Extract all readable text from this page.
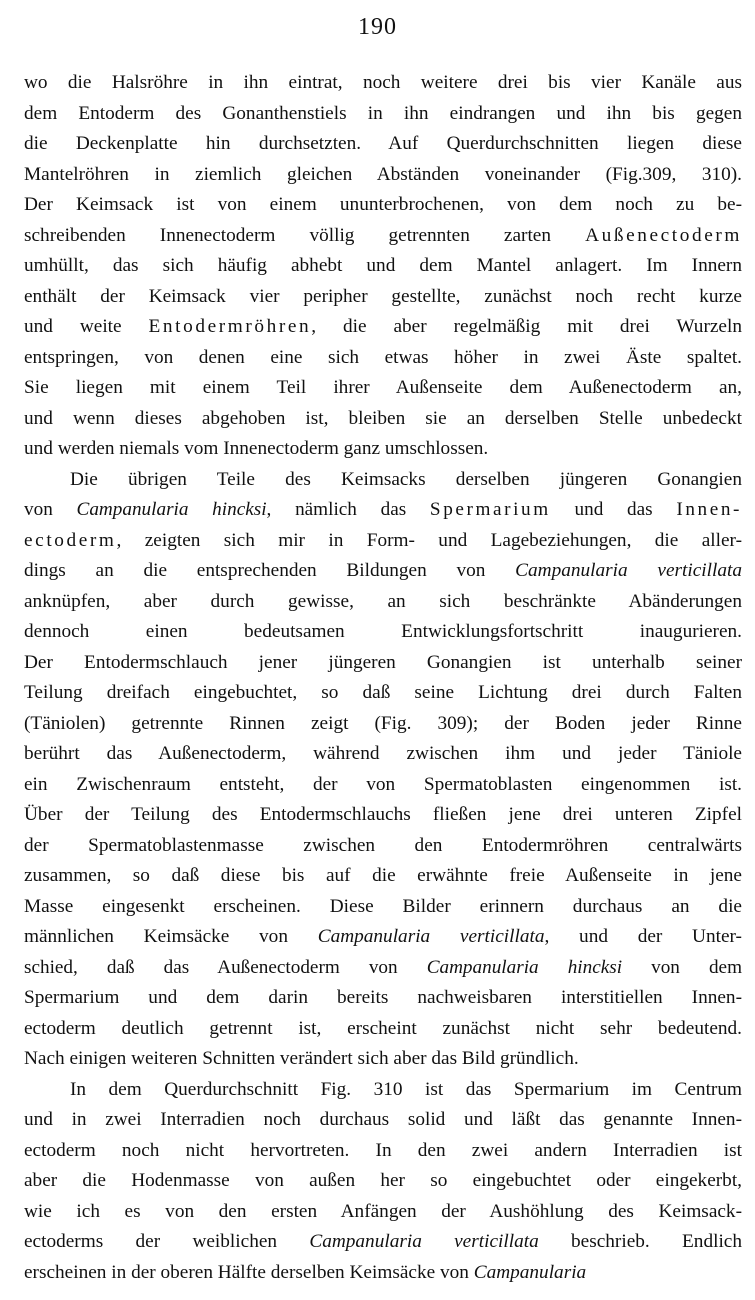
190
wo die Halsröhre in ihn eintrat, noch weitere drei bis vier Kanäle aus
dem Entoderm des Gonanthenstiels in ihn eindrangen und ihn bis gegen
die Deckenplatte hin durchsetzten. Auf Querdurchschnitten liegen diese
Mantelröhren in ziemlich gleichen Abständen voneinander (Fig.309, 310).
Der Keimsack ist von einem ununterbrochenen, von dem noch zu be-
schreibenden Innenectoderm völlig getrennten zarten Außenectoderm
umhüllt, das sich häufig abhebt und dem Mantel anlagert. Im Innern
enthält der Keimsack vier peripher gestellte, zunächst noch recht kurze
und weite Entodermröhren, die aber regelmäßig mit drei Wurzeln
entspringen, von denen eine sich etwas höher in zwei Äste spaltet.
Sie liegen mit einem Teil ihrer Außenseite dem Außenectoderm an,
und wenn dieses abgehoben ist, bleiben sie an derselben Stelle unbedeckt
und werden niemals vom Innenectoderm ganz umschlossen.
Die übrigen Teile des Keimsacks derselben jüngeren Gonangien
von Campanularia hincksi, nämlich das Spermarium und das Innen-
ectoderm, zeigten sich mir in Form- und Lagebeziehungen, die aller-
dings an die entsprechenden Bildungen von Campanularia verticillata
anknüpfen, aber durch gewisse, an sich beschränkte Abänderungen
dennoch einen bedeutsamen Entwicklungsfortschritt inaugurieren.
Der Entodermschlauch jener jüngeren Gonangien ist unterhalb seiner
Teilung dreifach eingebuchtet, so daß seine Lichtung drei durch Falten
(Täniolen) getrennte Rinnen zeigt (Fig. 309); der Boden jeder Rinne
berührt das Außenectoderm, während zwischen ihm und jeder Täniole
ein Zwischenraum entsteht, der von Spermatoblasten eingenommen ist.
Über der Teilung des Entodermschlauchs fließen jene drei unteren Zipfel
der Spermatoblastenmasse zwischen den Entodermröhren centralwärts
zusammen, so daß diese bis auf die erwähnte freie Außenseite in jene
Masse eingesenkt erscheinen. Diese Bilder erinnern durchaus an die
männlichen Keimsäcke von Campanularia verticillata, und der Unter-
schied, daß das Außenectoderm von Campanularia hincksi von dem
Spermarium und dem darin bereits nachweisbaren interstitiellen Innen-
ectoderm deutlich getrennt ist, erscheint zunächst nicht sehr bedeutend.
Nach einigen weiteren Schnitten verändert sich aber das Bild gründlich.
In dem Querdurchschnitt Fig. 310 ist das Spermarium im Centrum
und in zwei Interradien noch durchaus solid und läßt das genannte Innen-
ectoderm noch nicht hervortreten. In den zwei andern Interradien ist
aber die Hodenmasse von außen her so eingebuchtet oder eingekerbt,
wie ich es von den ersten Anfängen der Aushöhlung des Keimsack-
ectoderms der weiblichen Campanularia verticillata beschrieb. Endlich
erscheinen in der oberen Hälfte derselben Keimsäcke von Campanularia
